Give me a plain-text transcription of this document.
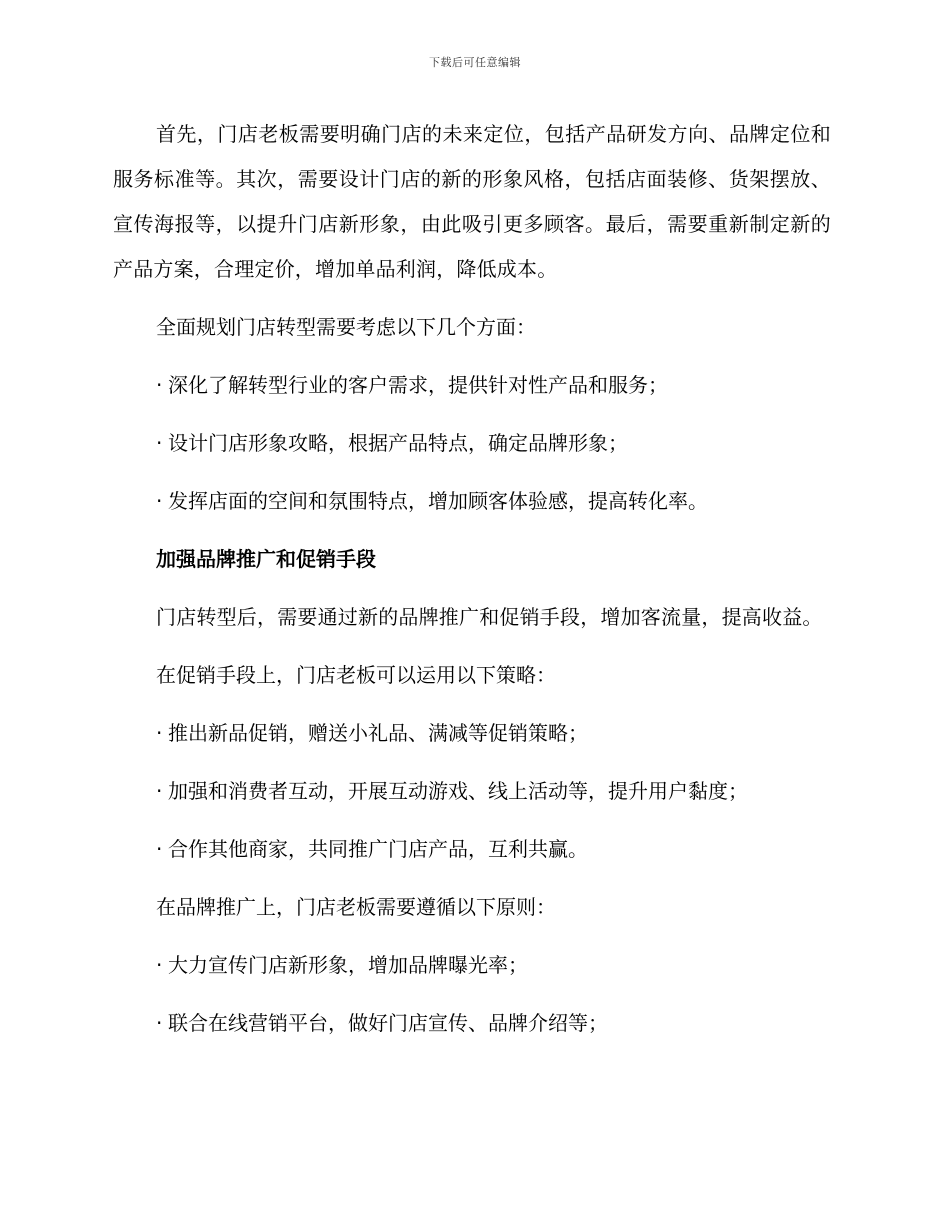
下载后可任意编辑

首先，门店老板需要明确门店的未来定位，包括产品研发方向、品牌定位和服务标准等。其次，需要设计门店的新的形象风格，包括店面装修、货架摆放、宣传海报等，以提升门店新形象，由此吸引更多顾客。最后，需要重新制定新的产品方案，合理定价，增加单品利润，降低成本。

全面规划门店转型需要考虑以下几个方面：

· 深化了解转型行业的客户需求，提供针对性产品和服务；

· 设计门店形象攻略，根据产品特点，确定品牌形象；

· 发挥店面的空间和氛围特点，增加顾客体验感，提高转化率。

加强品牌推广和促销手段

门店转型后，需要通过新的品牌推广和促销手段，增加客流量，提高收益。

在促销手段上，门店老板可以运用以下策略：

· 推出新品促销，赠送小礼品、满减等促销策略；

· 加强和消费者互动，开展互动游戏、线上活动等，提升用户黏度；

· 合作其他商家，共同推广门店产品，互利共赢。

在品牌推广上，门店老板需要遵循以下原则：

· 大力宣传门店新形象，增加品牌曝光率；

· 联合在线营销平台，做好门店宣传、品牌介绍等；
